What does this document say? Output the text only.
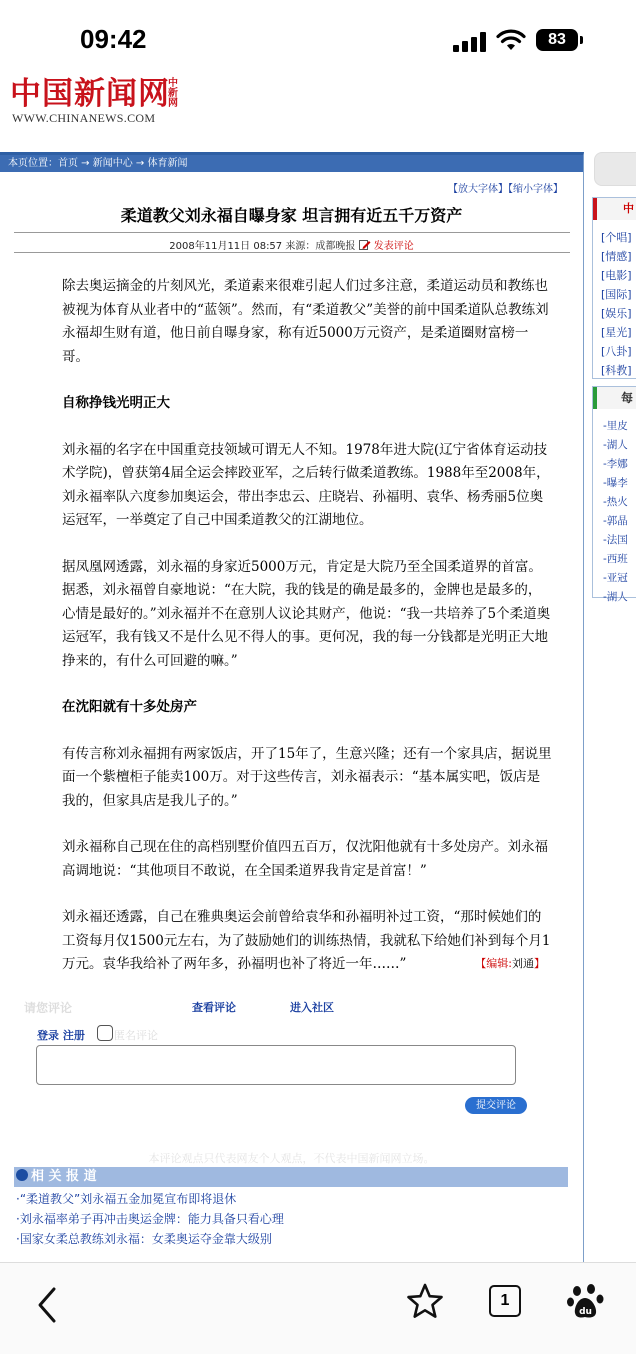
09:42	83
中国新闻网
中新网
WWW.CHINANEWS.COM
本页位置：首页 → 新闻中心 → 体育新闻
【放大字体】【缩小字体】
柔道教父刘永福自曝身家 坦言拥有近五千万资产
2008年11月11日 08:57 来源：成都晚报 发表评论

除去奥运摘金的片刻风光，柔道素来很难引起人们过多注意，柔道运动员和教练也被视为体育从业者中的“蓝领”。然而，有“柔道教父”美誉的前中国柔道队总教练刘永福却生财有道，他日前自曝身家，称有近5000万元资产，是柔道圈财富榜一哥。

自称挣钱光明正大

刘永福的名字在中国重竞技领域可谓无人不知。1978年进大院(辽宁省体育运动技术学院)，曾获第4届全运会摔跤亚军，之后转行做柔道教练。1988年至2008年，刘永福率队六度参加奥运会，带出李忠云、庄晓岩、孙福明、袁华、杨秀丽5位奥运冠军，一举奠定了自己中国柔道教父的江湖地位。

据凤凰网透露，刘永福的身家近5000万元，肯定是大院乃至全国柔道界的首富。据悉，刘永福曾自豪地说：“在大院，我的钱是的确是最多的，金牌也是最多的，心情是最好的。”刘永福并不在意别人议论其财产，他说：“我一共培养了5个柔道奥运冠军，我有钱又不是什么见不得人的事。更何况，我的每一分钱都是光明正大地挣来的，有什么可回避的嘛。”

在沈阳就有十多处房产

有传言称刘永福拥有两家饭店，开了15年了，生意兴隆；还有一个家具店，据说里面一个紫檀柜子能卖100万。对于这些传言，刘永福表示：“基本属实吧，饭店是我的，但家具店是我儿子的。”

刘永福称自己现在住的高档别墅价值四五百万，仅沈阳他就有十多处房产。刘永福高调地说：“其他项目不敢说，在全国柔道界我肯定是首富！”

刘永福还透露，自己在雅典奥运会前曾给袁华和孙福明补过工资，“那时候她们的工资每月仅1500元左右，为了鼓励她们的训练热情，我就私下给她们补到每个月1万元。袁华我给补了两年多，孙福明也补了将近一年……”	【编辑:刘通】
请您评论	查看评论	进入社区
登录 注册	匿名评论
提交评论
本评论观点只代表网友个人观点，不代表中国新闻网立场。
相 关 报 道
·“柔道教父”刘永福五金加冕宣布即将退休
·刘永福率弟子再冲击奥运金牌：能力具备只看心理
·国家女柔总教练刘永福：女柔奥运夺金靠大级别
中
[个唱]
[情感]
[电影]
[国际]
[娱乐]
[星光]
[八卦]
[科教]
每
-里皮
-湖人
-李娜
-曝李
-热火
-郭晶
-法国
-西班
-亚冠
-湖人
1
du
